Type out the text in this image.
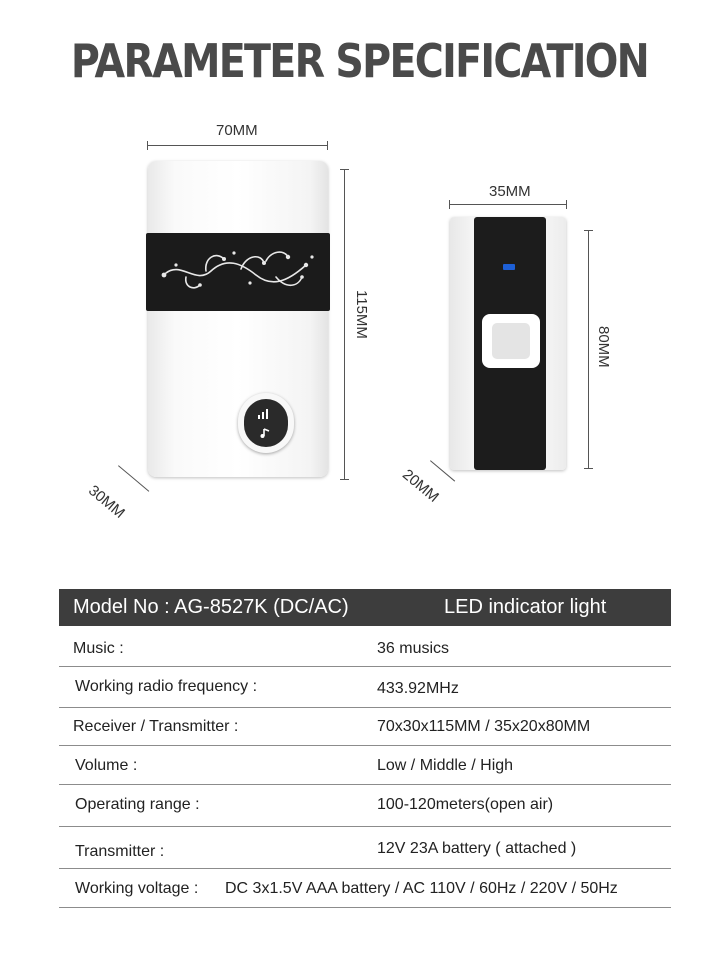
PARAMETER SPECIFICATION
70MM
115MM
30MM
35MM
80MM
20MM
Model No : AG-8527K (DC/AC)	LED indicator light
Music :	36 musics
Working radio frequency :	433.92MHz
Receiver / Transmitter :	70x30x115MM / 35x20x80MM
Volume :	Low / Middle / High
Operating range :	100-120meters(open air)
Transmitter :	12V 23A battery ( attached )
Working voltage : DC 3x1.5V AAA battery / AC 110V / 60Hz / 220V / 50Hz
